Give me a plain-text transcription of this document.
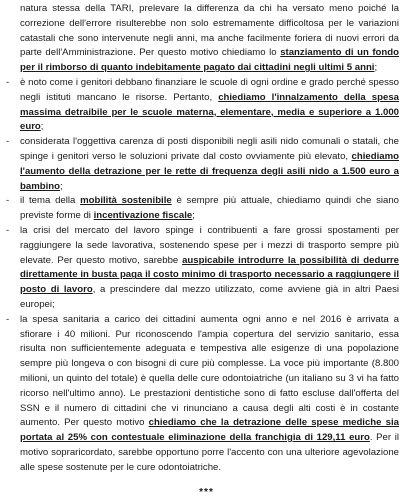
natura stessa della TARI, prelevare la differenza da chi ha versato meno poiché la correzione dell'errore risulterebbe non solo estremamente difficoltosa per le variazioni catastali che sono intervenute negli anni, ma anche facilmente foriera di nuovi errori da parte dell'Amministrazione. Per questo motivo chiediamo lo stanziamento di un fondo per il rimborso di quanto indebitamente pagato dai cittadini negli ultimi 5 anni;
- è noto come i genitori debbano finanziare le scuole di ogni ordine e grado perché spesso negli istituti mancano le risorse. Pertanto, chiediamo l'innalzamento della spesa massima detraibile per le scuole materna, elementare, media e superiore a 1.000 euro;
- considerata l'oggettiva carenza di posti disponibili negli asili nido comunali o statali, che spinge i genitori verso le soluzioni private dal costo ovviamente più elevato, chiediamo l'aumento della detrazione per le rette di frequenza degli asili nido a 1.500 euro a bambino;
- il tema della mobilità sostenibile è sempre più attuale, chiediamo quindi che siano previste forme di incentivazione fiscale;
- la crisi del mercato del lavoro spinge i contribuenti a fare grossi spostamenti per raggiungere la sede lavorativa, sostenendo spese per i mezzi di trasporto sempre più elevate. Per questo motivo, sarebbe auspicabile introdurre la possibilità di dedurre direttamente in busta paga il costo minimo di trasporto necessario a raggiungere il posto di lavoro, a prescindere dal mezzo utilizzato, come avviene già in altri Paesi europei;
- la spesa sanitaria a carico dei cittadini aumenta ogni anno e nel 2016 è arrivata a sfiorare i 40 milioni. Pur riconoscendo l'ampia copertura del servizio sanitario, essa risulta non sufficientemente adeguata e tempestiva alle esigenze di una popolazione sempre più longeva o con bisogni di cure più complesse. La voce più importante (8.800 milioni, un quinto del totale) è quella delle cure odontoiatriche (un italiano su 3 vi ha fatto ricorso nell'ultimo anno). Le prestazioni dentistiche sono di fatto escluse dall'offerta del SSN e il numero di cittadini che vi rinunciano a causa degli alti costi è in costante aumento. Per questo motivo chiediamo che la detrazione delle spese mediche sia portata al 25% con contestuale eliminazione della franchigia di 129,11 euro. Per il motivo sopraricordato, sarebbe opportuno porre l'accento con una ulteriore agevolazione alle spese sostenute per le cure odontoiatriche.
***
